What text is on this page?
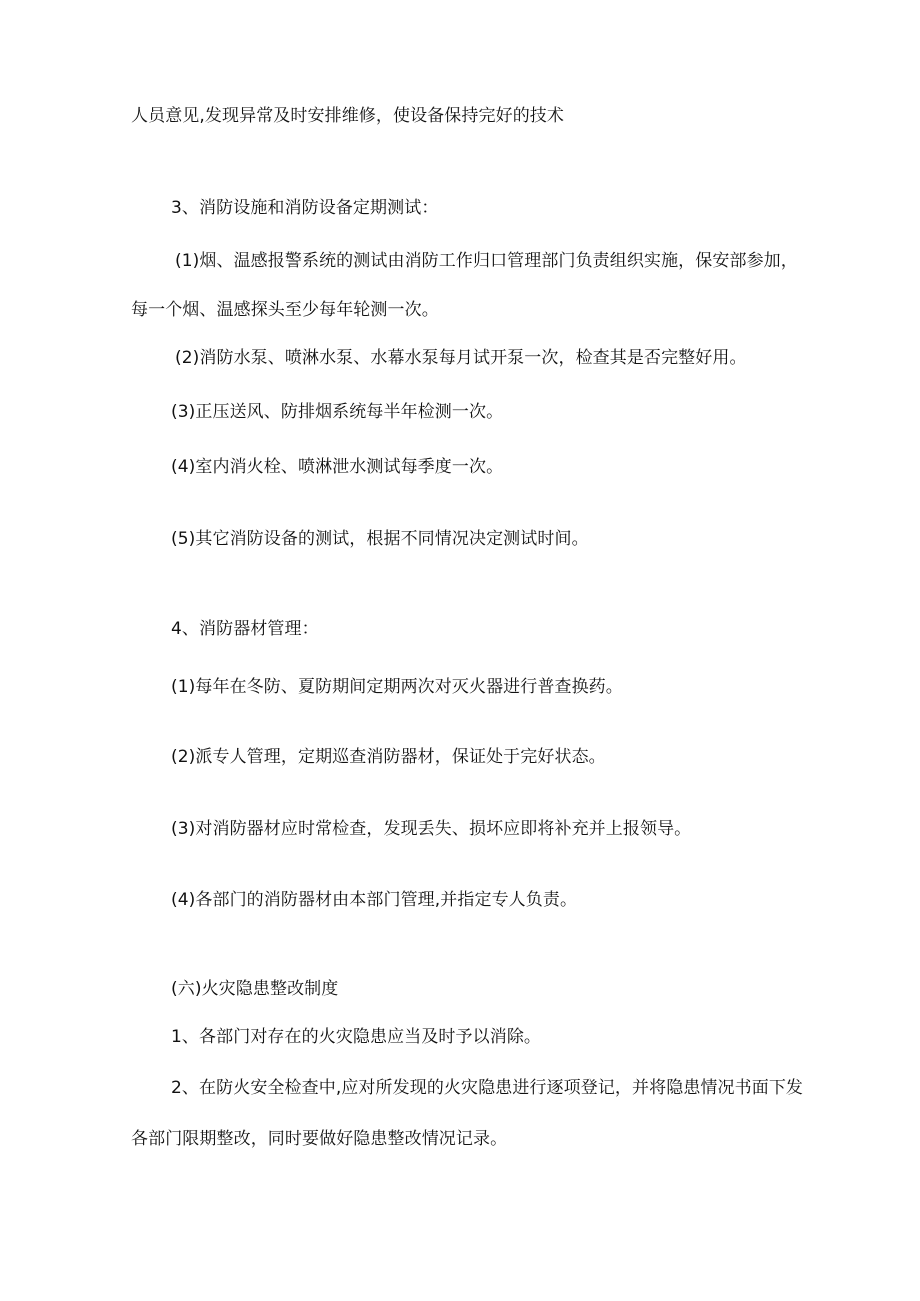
人员意见,发现异常及时安排维修，使设备保持完好的技术
3、消防设施和消防设备定期测试：
(1)烟、温感报警系统的测试由消防工作归口管理部门负责组织实施，保安部参加，
每一个烟、温感探头至少每年轮测一次。
(2)消防水泵、喷淋水泵、水幕水泵每月试开泵一次，检查其是否完整好用。
(3)正压送风、防排烟系统每半年检测一次。
(4)室内消火栓、喷淋泄水测试每季度一次。
(5)其它消防设备的测试，根据不同情况决定测试时间。
4、消防器材管理：
(1)每年在冬防、夏防期间定期两次对灭火器进行普查换药。
(2)派专人管理，定期巡查消防器材，保证处于完好状态。
(3)对消防器材应时常检查，发现丢失、损坏应即将补充并上报领导。
(4)各部门的消防器材由本部门管理,并指定专人负责。
(六)火灾隐患整改制度
1、各部门对存在的火灾隐患应当及时予以消除。
2、在防火安全检查中,应对所发现的火灾隐患进行逐项登记，并将隐患情况书面下发
各部门限期整改，同时要做好隐患整改情况记录。
